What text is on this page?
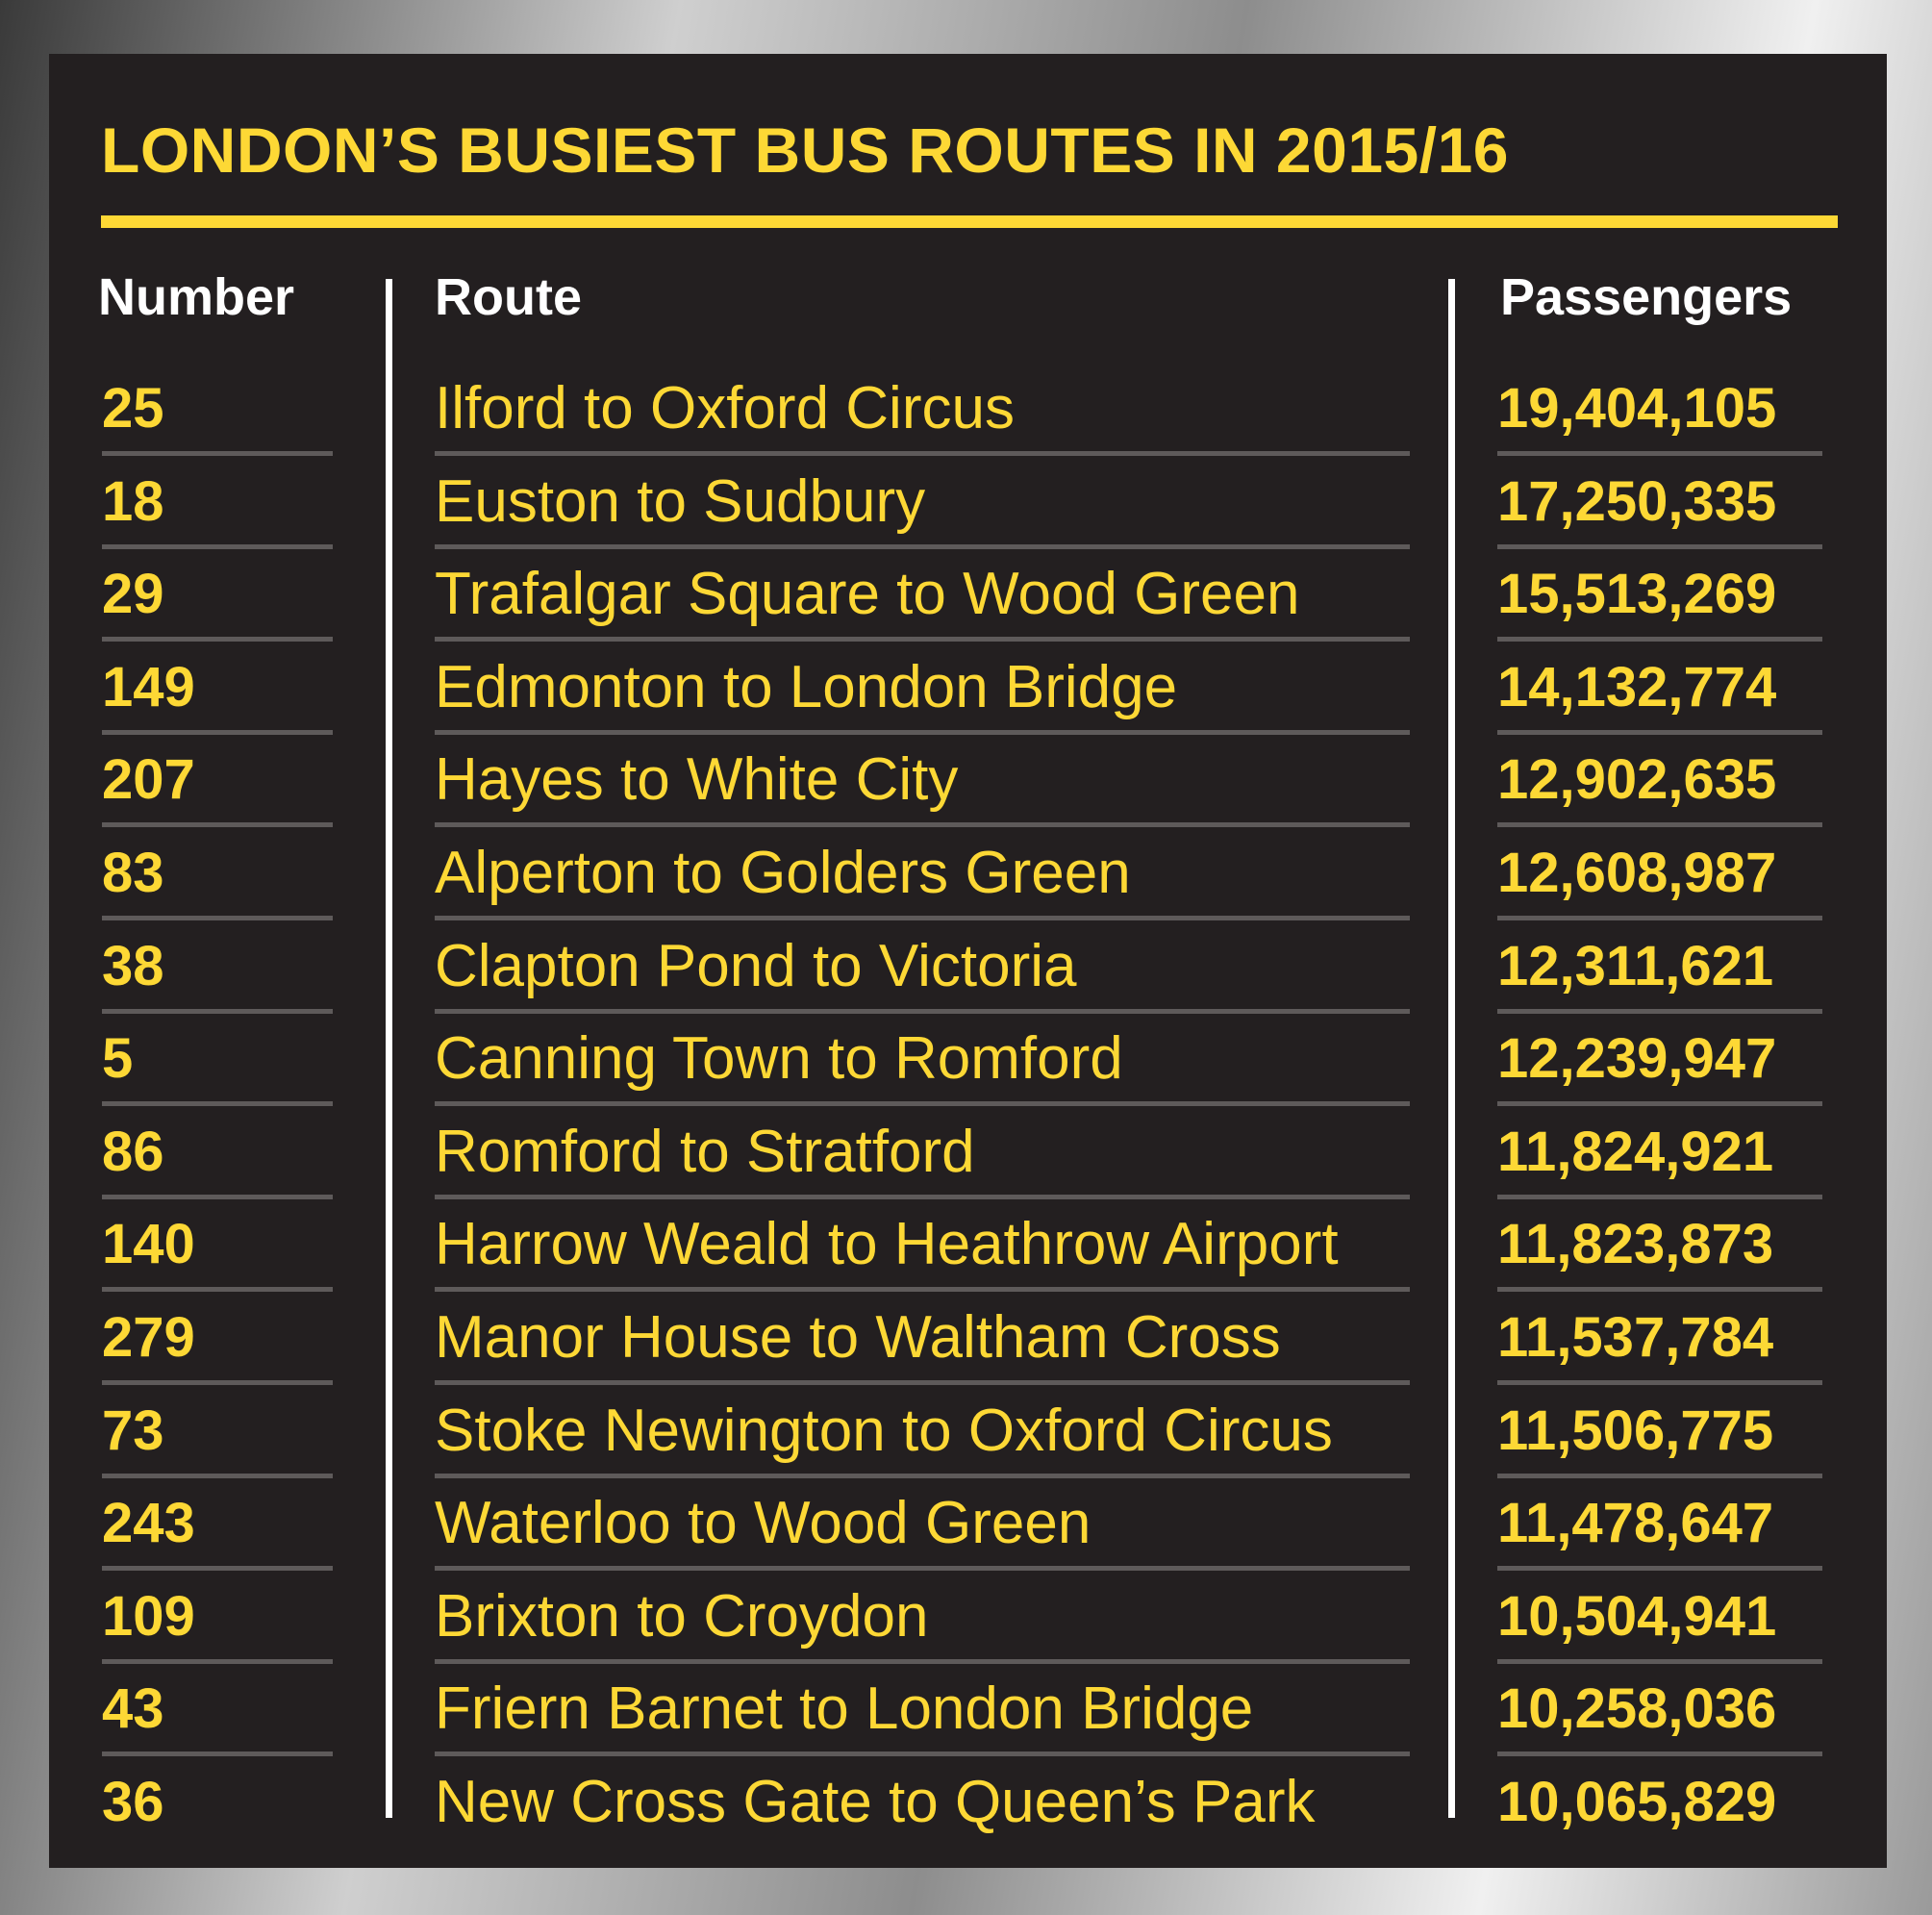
LONDON’S BUSIEST BUS ROUTES IN 2015/16
Number	Route	Passengers
25	Ilford to Oxford Circus	19,404,105
18	Euston to Sudbury	17,250,335
29	Trafalgar Square to Wood Green	15,513,269
149	Edmonton to London Bridge	14,132,774
207	Hayes to White City	12,902,635
83	Alperton to Golders Green	12,608,987
38	Clapton Pond to Victoria	12,311,621
5	Canning Town to Romford	12,239,947
86	Romford to Stratford	11,824,921
140	Harrow Weald to Heathrow Airport	11,823,873
279	Manor House to Waltham Cross	11,537,784
73	Stoke Newington to Oxford Circus	11,506,775
243	Waterloo to Wood Green	11,478,647
109	Brixton to Croydon	10,504,941
43	Friern Barnet to London Bridge	10,258,036
36	New Cross Gate to Queen’s Park	10,065,829
